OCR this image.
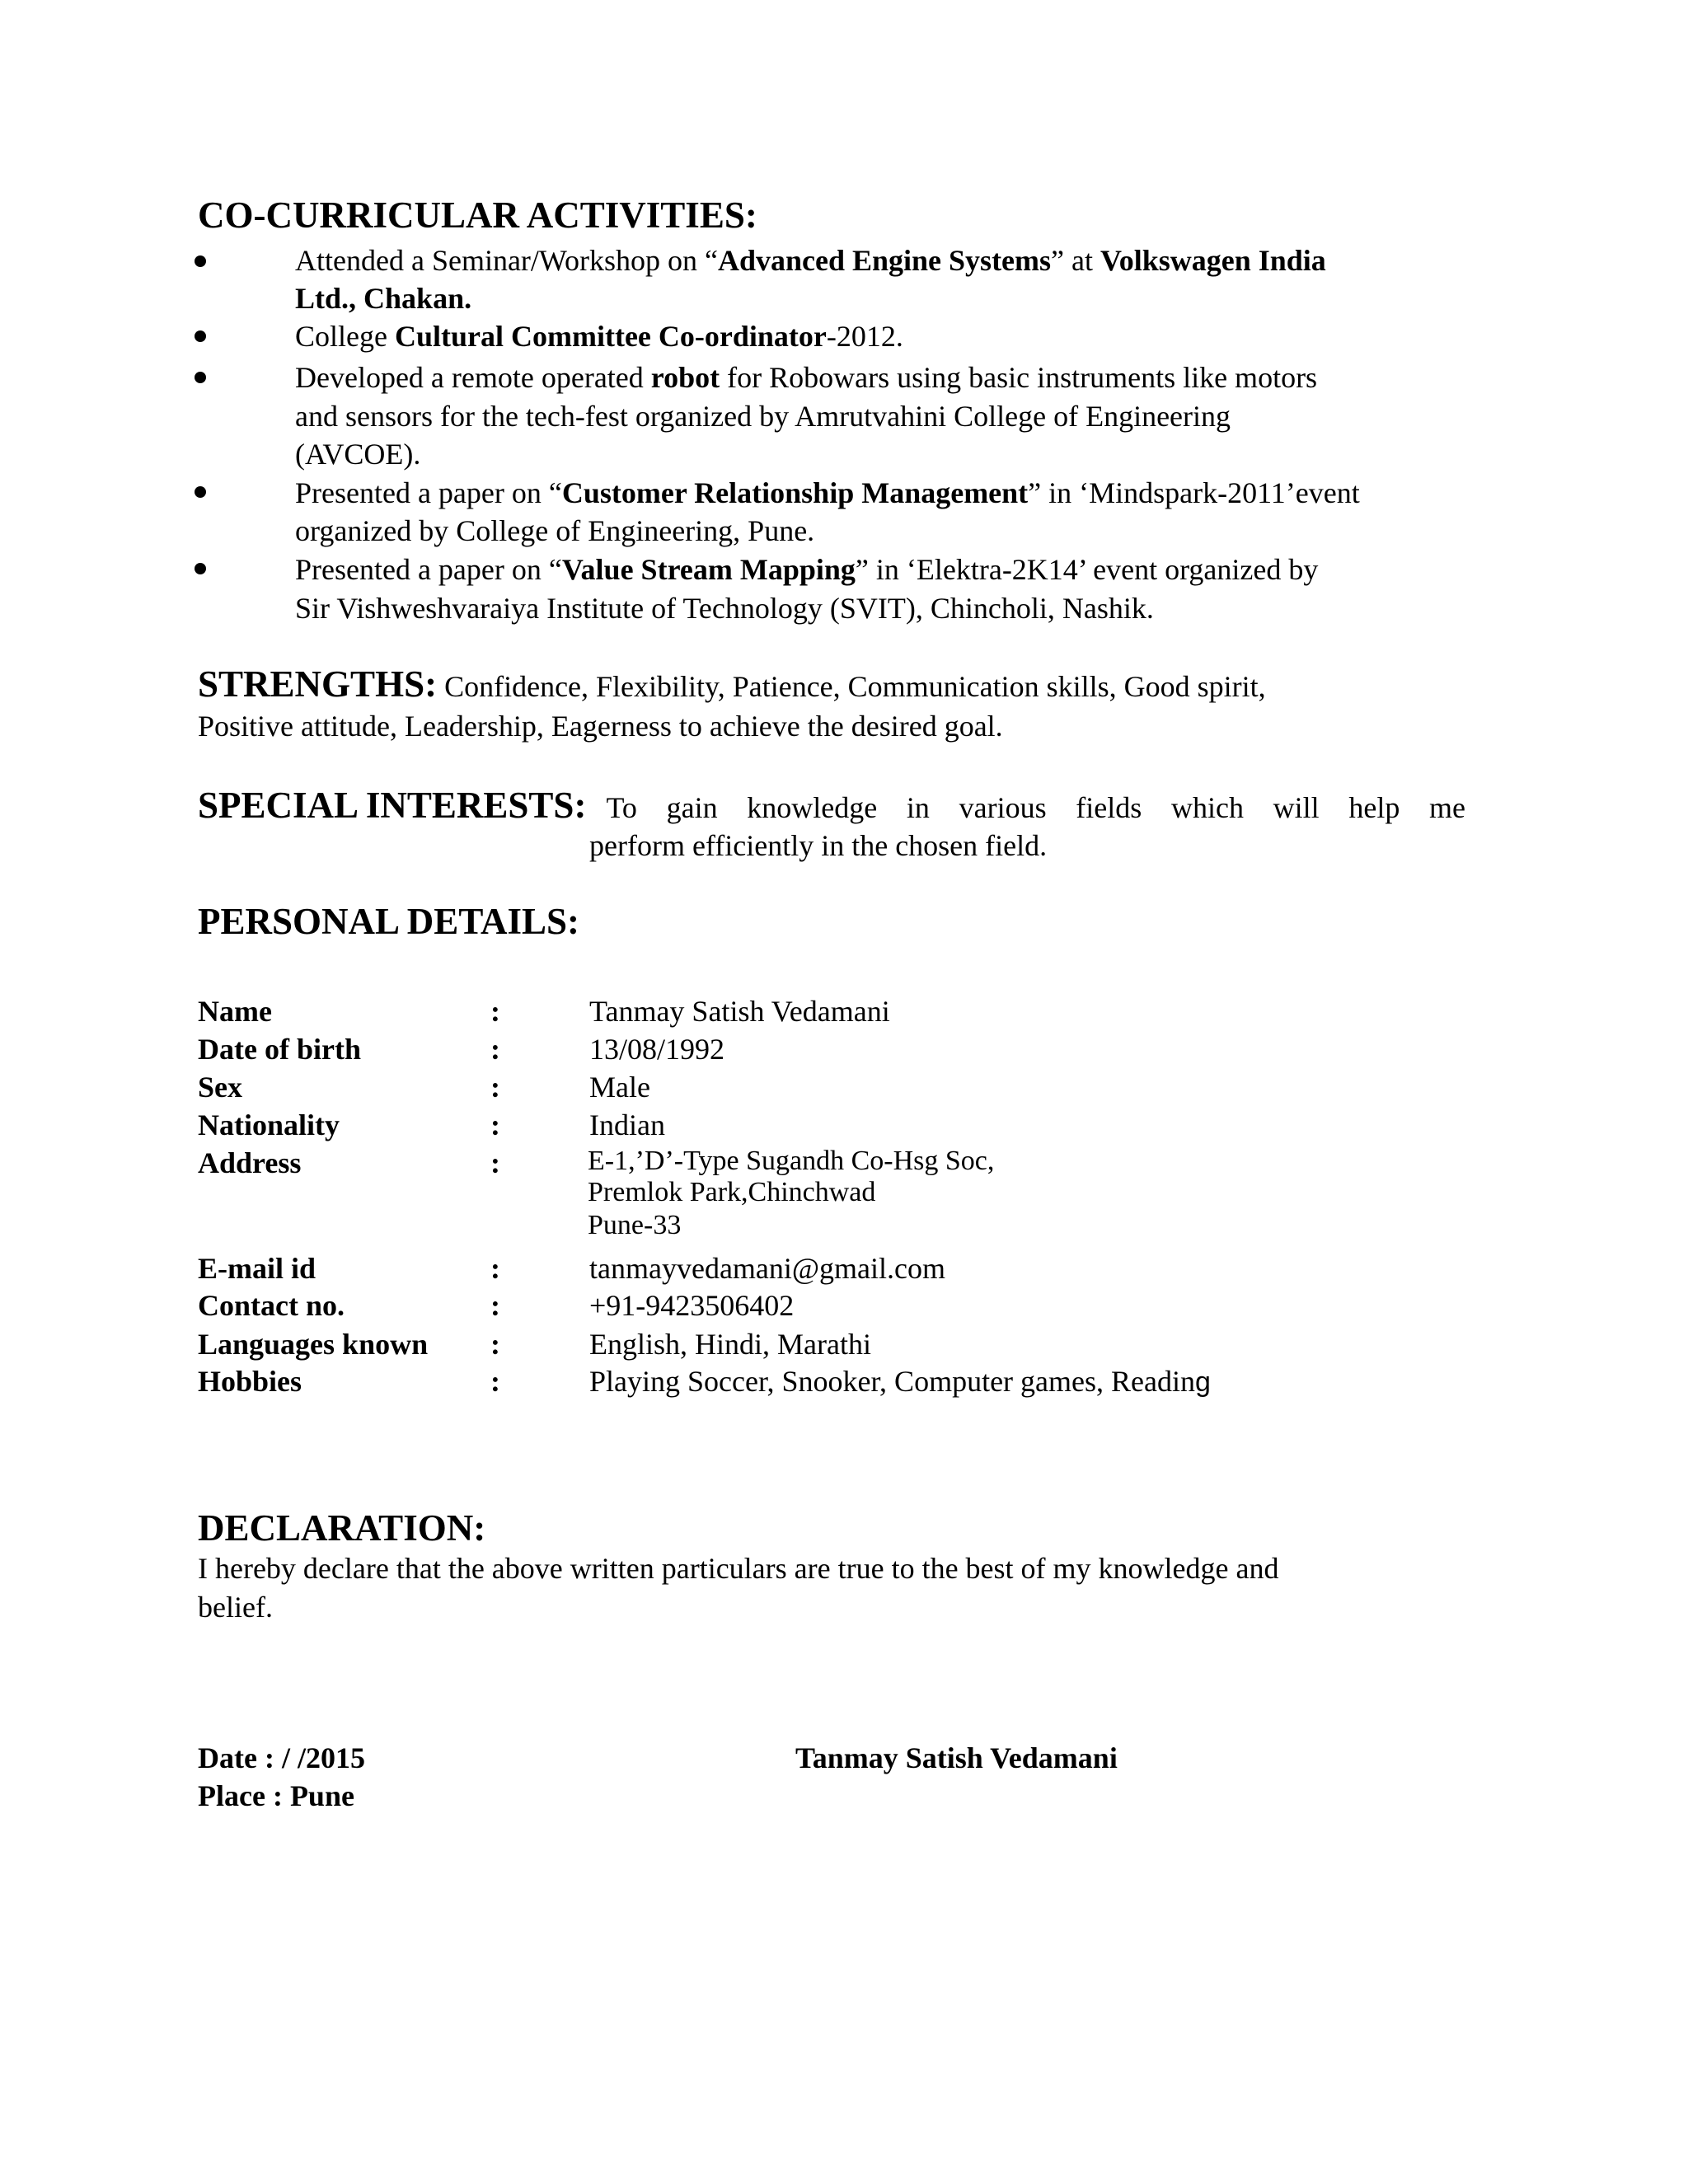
CO-CURRICULAR ACTIVITIES:
Attended a Seminar/Workshop on “Advanced Engine Systems” at Volkswagen India
Ltd., Chakan.
College Cultural Committee Co-ordinator-2012.
Developed a remote operated robot for Robowars using basic instruments like motors
and sensors for the tech-fest organized by Amrutvahini College of Engineering
(AVCOE).
Presented a paper on “Customer Relationship Management” in ‘Mindspark-2011’event
organized by College of Engineering, Pune.
Presented a paper on “Value Stream Mapping” in ‘Elektra-2K14’ event organized by
Sir Vishweshvaraiya Institute of Technology (SVIT), Chincholi, Nashik.
STRENGTHS: Confidence, Flexibility, Patience, Communication skills, Good spirit,
Positive attitude, Leadership, Eagerness to achieve the desired goal.
SPECIAL INTERESTS: To gain knowledge in various fields which will help me
perform efficiently in the chosen field.
PERSONAL DETAILS:
Name	:	Tanmay Satish Vedamani
Date of birth	:	13/08/1992
Sex	:	Male
Nationality	:	Indian
Address	:	E-1,’D’-Type Sugandh Co-Hsg Soc,
Premlok Park,Chinchwad
Pune-33
E-mail id	:	tanmayvedamani@gmail.com
Contact no.	:	+91-9423506402
Languages known :	English, Hindi, Marathi
Hobbies	:	Playing Soccer, Snooker, Computer games, Reading
DECLARATION:
I hereby declare that the above written particulars are true to the best of my knowledge and
belief.
Date : / /2015
Place : Pune
Tanmay Satish Vedamani
